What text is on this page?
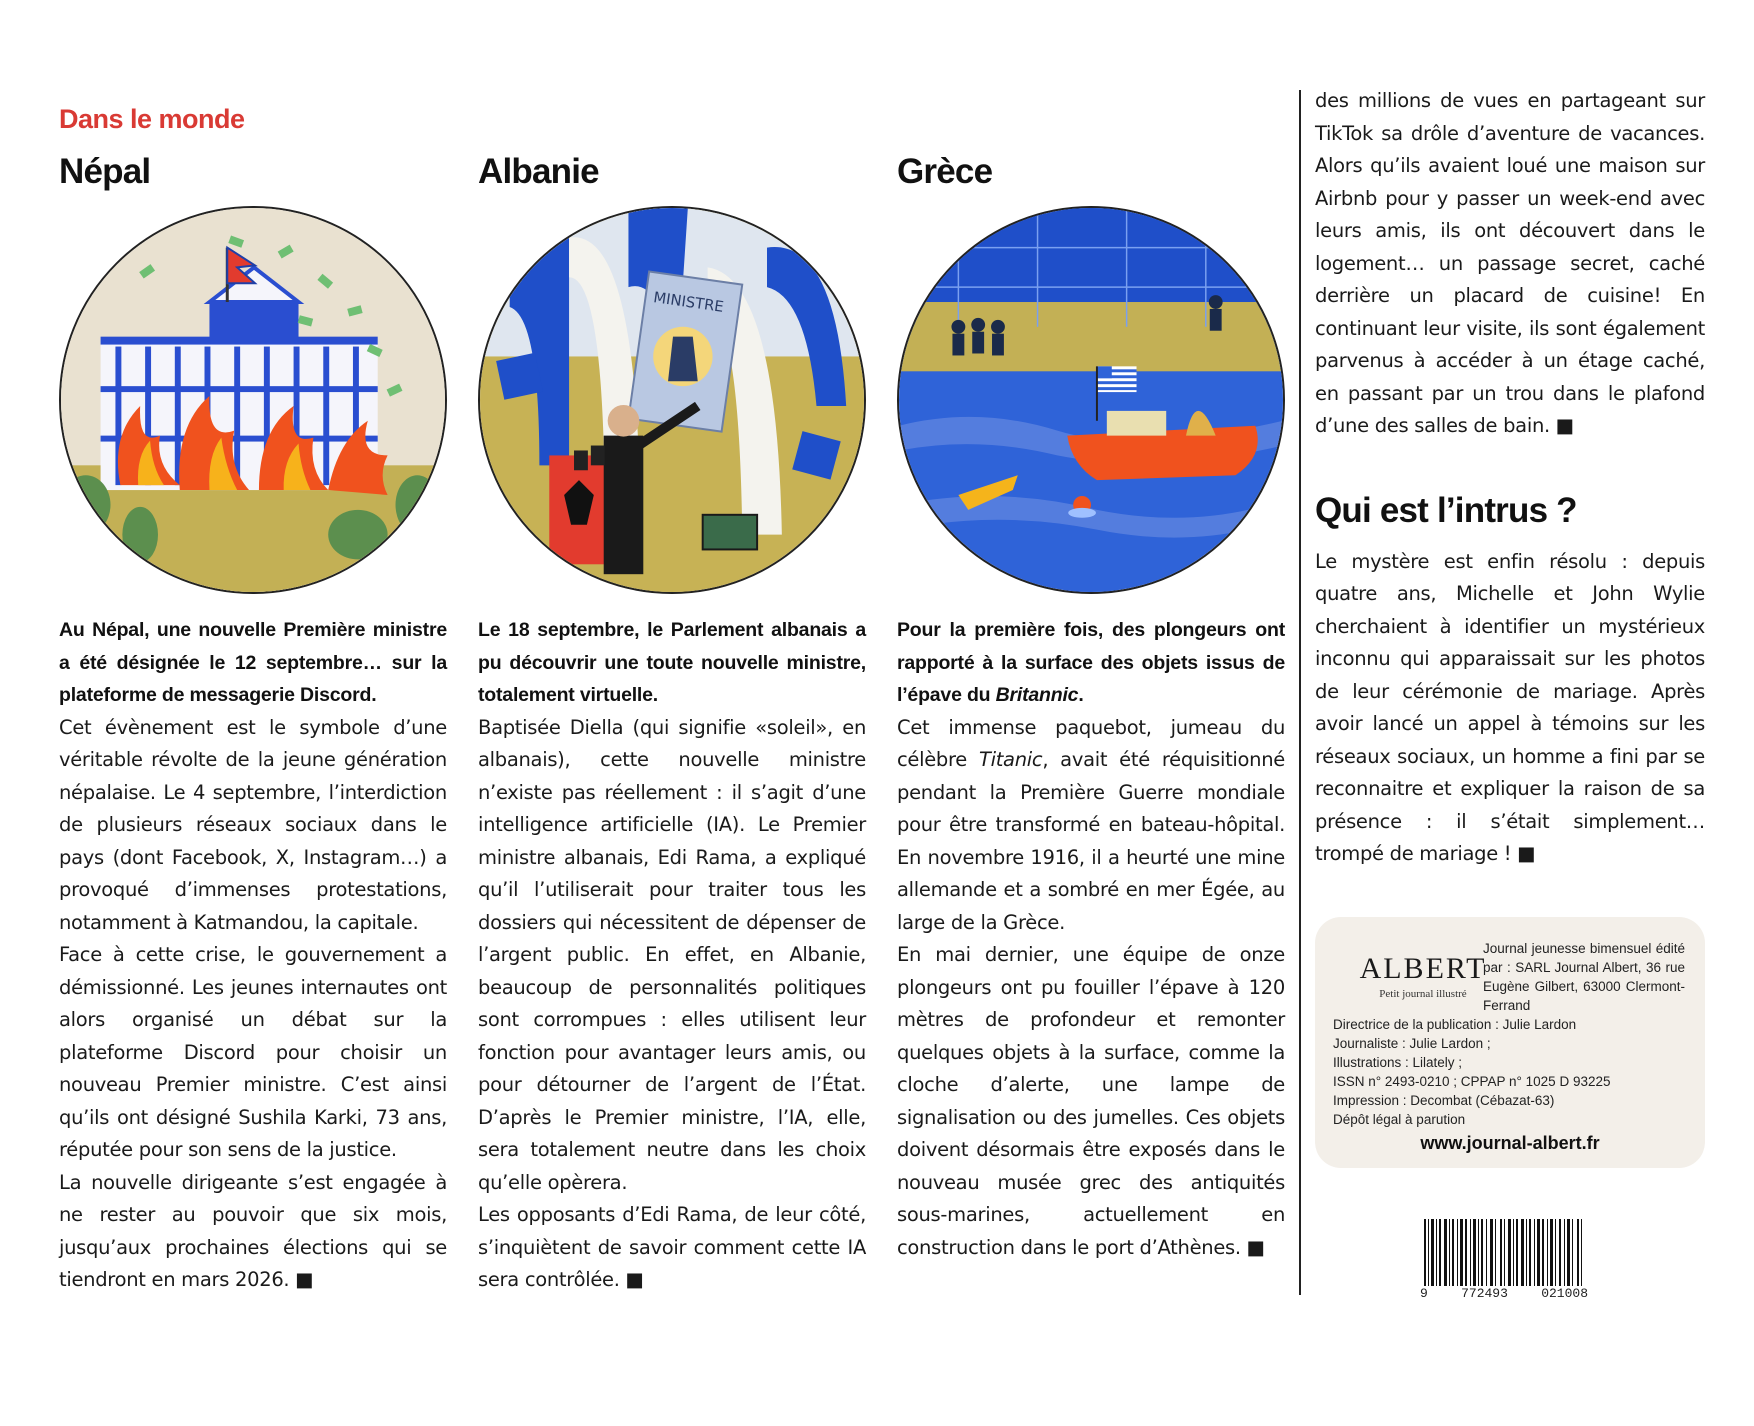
Dans le monde
Népal

Au Népal, une nouvelle Première ministre a été désignée le 12 septembre… sur la plateforme de messagerie Discord.

Cet évènement est le symbole d’une véritable révolte de la jeune génération népalaise. Le 4 septembre, l’interdiction de plusieurs réseaux sociaux dans le pays (dont Facebook, X, Instagram…) a provoqué d’immenses protestations, notamment à Katmandou, la capitale.

Face à cette crise, le gouvernement a démissionné. Les jeunes internautes ont alors organisé un débat sur la plateforme Discord pour choisir un nouveau Premier ministre. C’est ainsi qu’ils ont désigné Sushila Karki, 73 ans, réputée pour son sens de la justice.

La nouvelle dirigeante s’est engagée à ne rester au pouvoir que six mois, jusqu’aux prochaines élections qui se tiendront en mars 2026. ■

Albanie
MINISTRE

Le 18 septembre, le Parlement albanais a pu découvrir une toute nouvelle ministre, totalement virtuelle.

Baptisée Diella (qui signifie «soleil», en albanais), cette nouvelle ministre n’existe pas réellement : il s’agit d’une intelligence artificielle (IA). Le Premier ministre albanais, Edi Rama, a expliqué qu’il l’utiliserait pour traiter tous les dossiers qui nécessitent de dépenser de l’argent public. En effet, en Albanie, beaucoup de personnalités politiques sont corrompues : elles utilisent leur fonction pour avantager leurs amis, ou pour détourner de l’argent de l’État. D’après le Premier ministre, l’IA, elle, sera totalement neutre dans les choix qu’elle opèrera.

Les opposants d’Edi Rama, de leur côté, s’inquiètent de savoir comment cette IA sera contrôlée. ■

Grèce

Pour la première fois, des plongeurs ont rapporté à la surface des objets issus de l’épave du Britannic.

Cet immense paquebot, jumeau du célèbre Titanic, avait été réquisitionné pendant la Première Guerre mondiale pour être transformé en bateau-hôpital. En novembre 1916, il a heurté une mine allemande et a sombré en mer Égée, au large de la Grèce.

En mai dernier, une équipe de onze plongeurs ont pu fouiller l’épave à 120 mètres de profondeur et remonter quelques objets à la surface, comme la cloche d’alerte, une lampe de signalisation ou des jumelles. Ces objets doivent désormais être exposés dans le nouveau musée grec des antiquités sous-marines, actuellement en construction dans le port d’Athènes. ■

des millions de vues en partageant sur TikTok sa drôle d’aventure de vacances. Alors qu’ils avaient loué une maison sur Airbnb pour y passer un week-end avec leurs amis, ils ont découvert dans le logement… un passage secret, caché derrière un placard de cuisine! En continuant leur visite, ils sont également parvenus à accéder à un étage caché, en passant par un trou dans le plafond d’une des salles de bain. ■

Qui est l’intrus ?

Le mystère est enfin résolu : depuis quatre ans, Michelle et John Wylie cherchaient à identifier un mystérieux inconnu qui apparaissait sur les photos de leur cérémonie de mariage. Après avoir lancé un appel à témoins sur les réseaux sociaux, un homme a fini par se reconnaitre et expliquer la raison de sa présence : il s’était simplement… trompé de mariage ! ■

ALBERT
Petit journal illustré
Journal jeunesse bimensuel édité par : SARL Journal Albert, 36 rue Eugène Gilbert, 63000 Clermont-Ferrand
Directrice de la publication : Julie Lardon
Journaliste : Julie Lardon ;
Illustrations : Lilately ;
ISSN n° 2493-0210 ; CPPAP n° 1025 D 93225
Impression : Decombat (Cébazat-63)
Dépôt légal à parution
www.journal-albert.fr
9	772493	021008
